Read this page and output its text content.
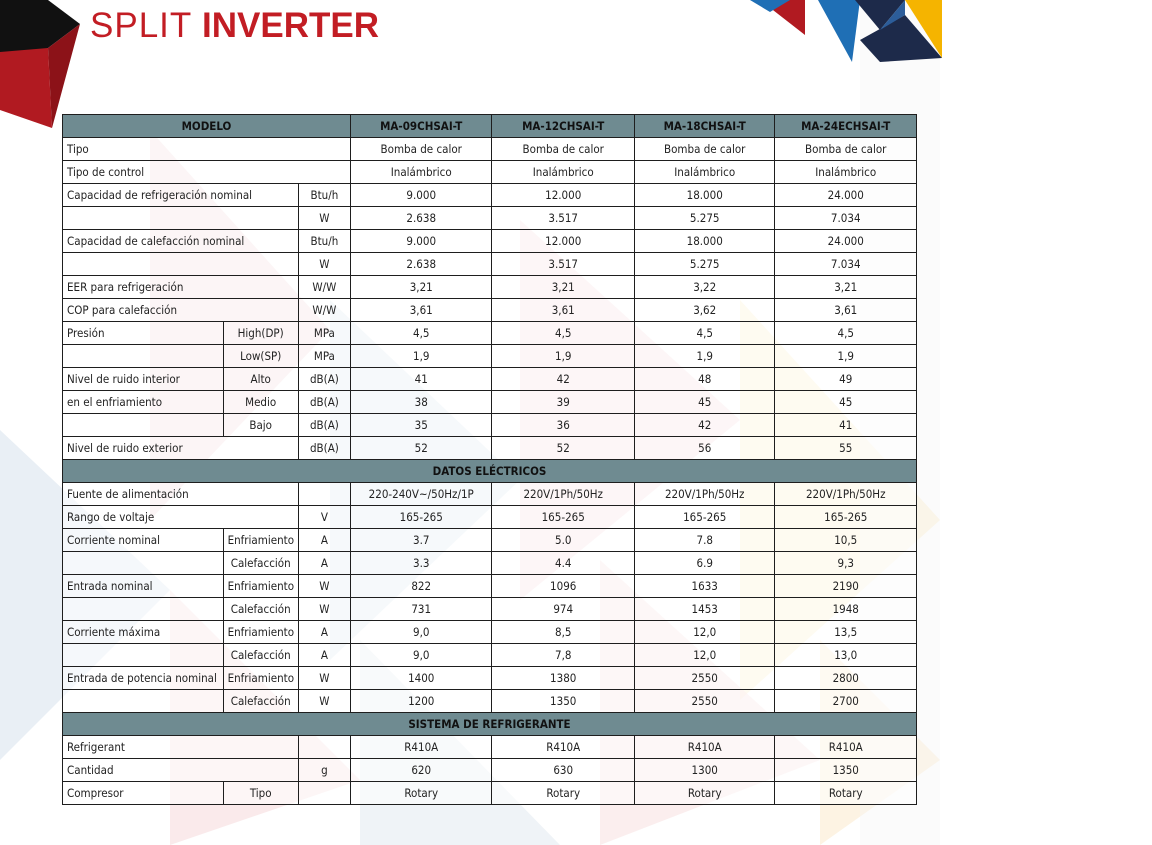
SPLIT INVERTER
MODELO			MA-09CHSAI-T	MA-12CHSAI-T	MA-18CHSAI-T	MA-24ECHSAI-T
Tipo			Bomba de calor	Bomba de calor	Bomba de calor	Bomba de calor
Tipo de control			Inalámbrico	Inalámbrico	Inalámbrico	Inalámbrico
Capacidad de refrigeración nominal		Btu/h	9.000	12.000	18.000	24.000
		W	2.638	3.517	5.275	7.034
Capacidad de calefacción nominal		Btu/h	9.000	12.000	18.000	24.000
		W	2.638	3.517	5.275	7.034
EER para refrigeración		W/W	3,21	3,21	3,22	3,21
COP para calefacción		W/W	3,61	3,61	3,62	3,61
Presión	High(DP)	MPa	4,5	4,5	4,5	4,5
	Low(SP)	MPa	1,9	1,9	1,9	1,9
Nivel de ruido interior	Alto	dB(A)	41	42	48	49
en el enfriamiento	Medio	dB(A)	38	39	45	45
	Bajo	dB(A)	35	36	42	41
Nivel de ruido exterior		dB(A)	52	52	56	55
DATOS ELÉCTRICOS						
Fuente de alimentación			220-240V~/50Hz/1P	220V/1Ph/50Hz	220V/1Ph/50Hz	220V/1Ph/50Hz
Rango de voltaje		V	165-265	165-265	165-265	165-265
Corriente nominal	Enfriamiento	A	3.7	5.0	7.8	10,5
	Calefacción	A	3.3	4.4	6.9	9,3
Entrada nominal	Enfriamiento	W	822	1096	1633	2190
	Calefacción	W	731	974	1453	1948
Corriente máxima	Enfriamiento	A	9,0	8,5	12,0	13,5
	Calefacción	A	9,0	7,8	12,0	13,0
Entrada de potencia nominal	Enfriamiento	W	1400	1380	2550	2800
	Calefacción	W	1200	1350	2550	2700
SISTEMA DE REFRIGERANTE						
Refrigerant			R410A	R410A	R410A	R410A
Cantidad		g	620	630	1300	1350
Compresor	Tipo		Rotary	Rotary	Rotary	Rotary
